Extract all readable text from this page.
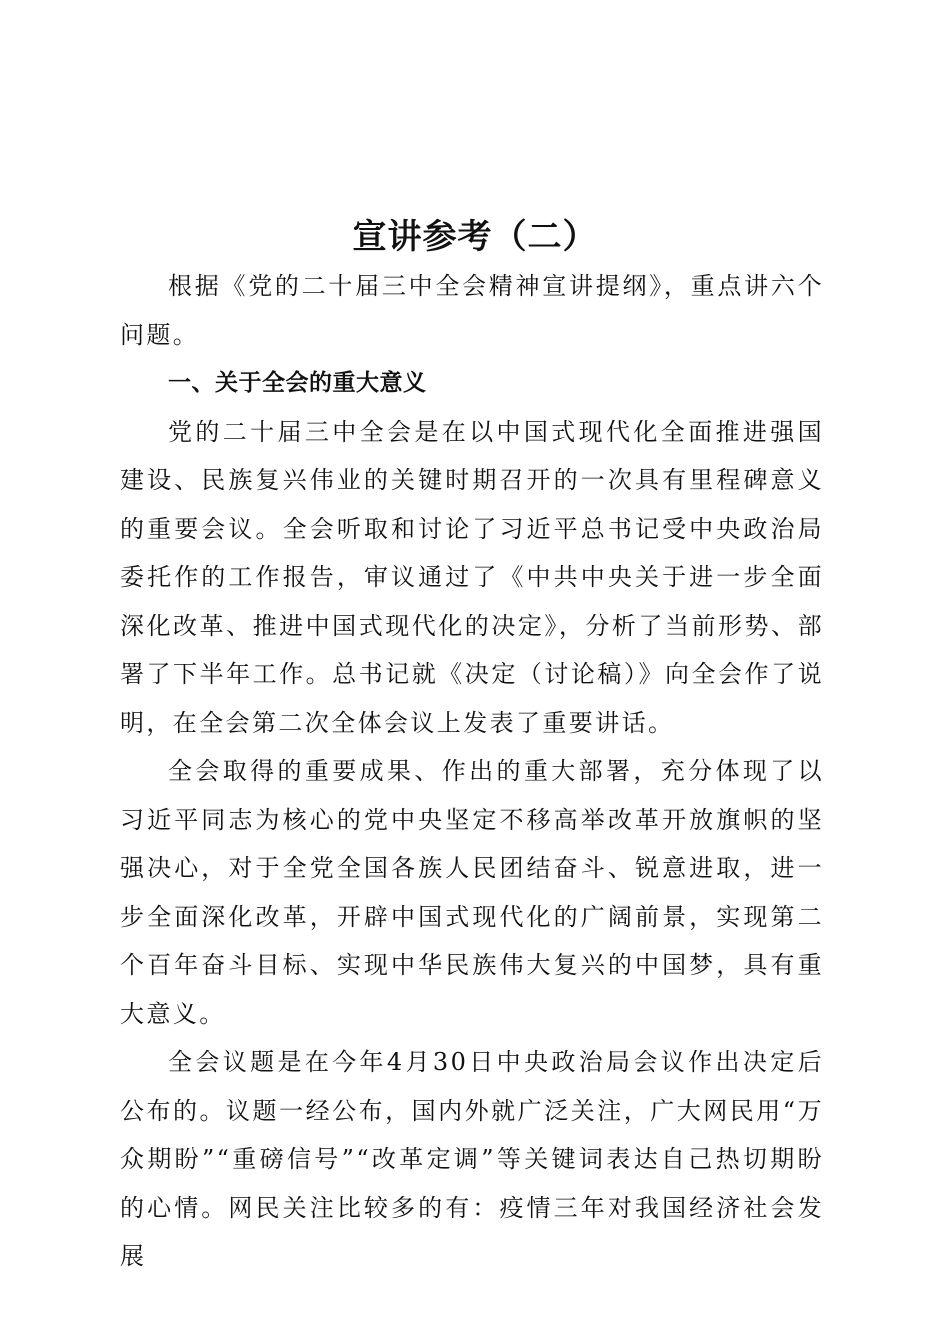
宣讲参考（二）

根据《党的二十届三中全会精神宣讲提纲》，重点讲六个问题。

一、关于全会的重大意义

党的二十届三中全会是在以中国式现代化全面推进强国建设、民族复兴伟业的关键时期召开的一次具有里程碑意义的重要会议。全会听取和讨论了习近平总书记受中央政治局委托作的工作报告，审议通过了《中共中央关于进一步全面深化改革、推进中国式现代化的决定》，分析了当前形势、部署了下半年工作。总书记就《决定（讨论稿）》向全会作了说明，在全会第二次全体会议上发表了重要讲话。

全会取得的重要成果、作出的重大部署，充分体现了以习近平同志为核心的党中央坚定不移高举改革开放旗帜的坚强决心，对于全党全国各族人民团结奋斗、锐意进取，进一步全面深化改革，开辟中国式现代化的广阔前景，实现第二个百年奋斗目标、实现中华民族伟大复兴的中国梦，具有重大意义。

全会议题是在今年4月30日中央政治局会议作出决定后公布的。议题一经公布，国内外就广泛关注，广大网民用“万众期盼”“重磅信号”“改革定调”等关键词表达自己热切期盼的心情。网民关注比较多的有：疫情三年对我国经济社会发展
